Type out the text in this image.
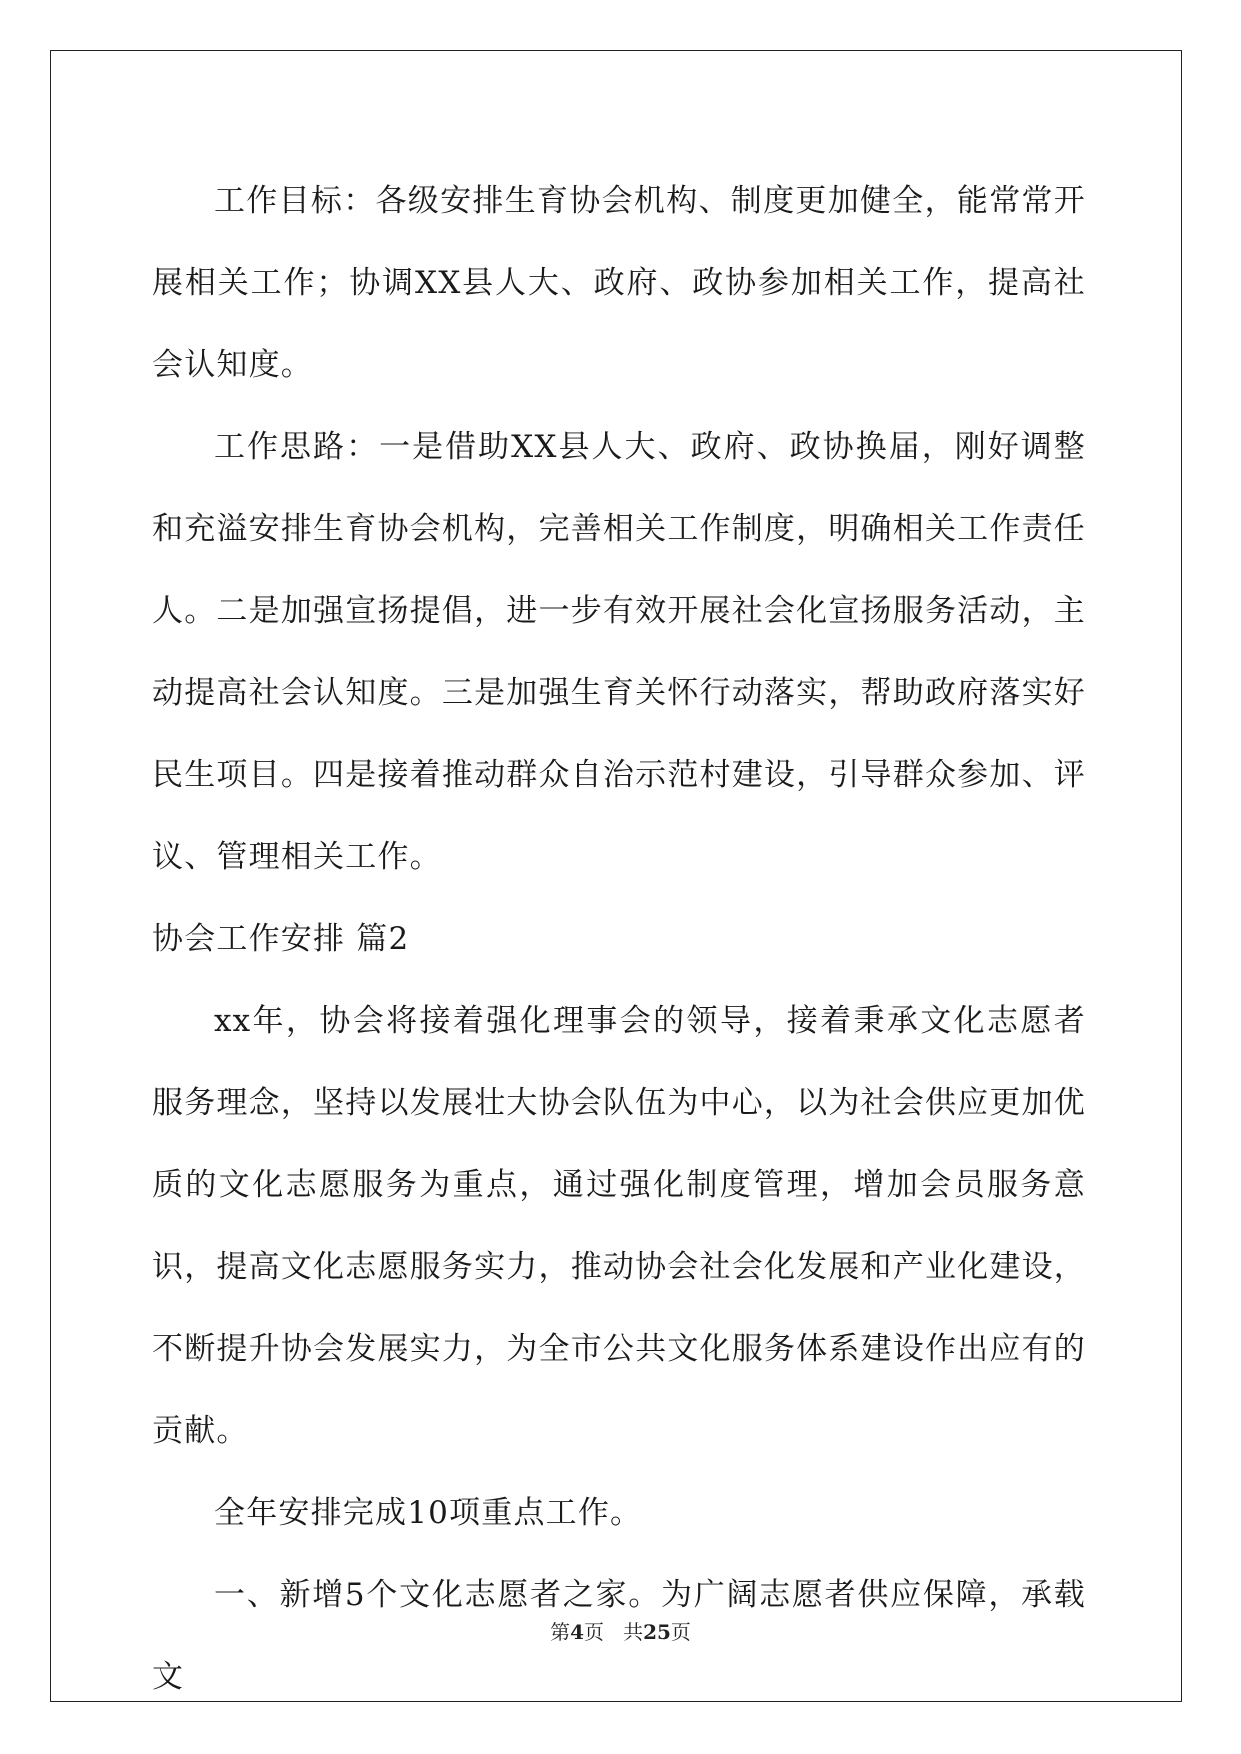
工作目标：各级安排生育协会机构、制度更加健全，能常常开展相关工作；协调XX县人大、政府、政协参加相关工作，提高社会认知度。

工作思路：一是借助XX县人大、政府、政协换届，刚好调整和充溢安排生育协会机构，完善相关工作制度，明确相关工作责任人。二是加强宣扬提倡，进一步有效开展社会化宣扬服务活动，主动提高社会认知度。三是加强生育关怀行动落实，帮助政府落实好民生项目。四是接着推动群众自治示范村建设，引导群众参加、评议、管理相关工作。

协会工作安排 篇2

xx年，协会将接着强化理事会的领导，接着秉承文化志愿者服务理念，坚持以发展壮大协会队伍为中心，以为社会供应更加优质的文化志愿服务为重点，通过强化制度管理，增加会员服务意识，提高文化志愿服务实力，推动协会社会化发展和产业化建设，不断提升协会发展实力，为全市公共文化服务体系建设作出应有的贡献。

全年安排完成10项重点工作。

一、新增5个文化志愿者之家。为广阔志愿者供应保障，承载文

第4页 共25页
